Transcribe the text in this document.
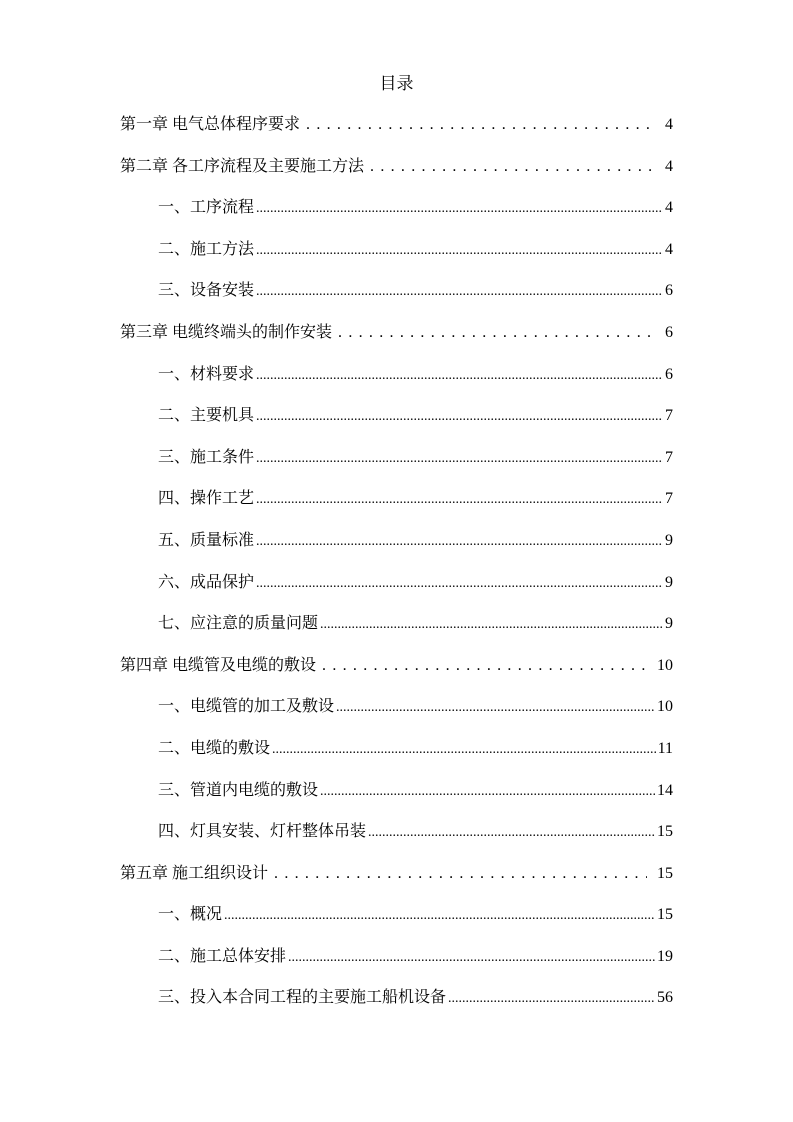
目录
第一章 电气总体程序要求 .....	4
第二章 各工序流程及主要施工方法 .....	4
一、工序流程 .....	4
二、施工方法 .....	4
三、设备安装 .....	6
第三章 电缆终端头的制作安装 .....	6
一、材料要求 .....	6
二、主要机具 .....	7
三、施工条件 .....	7
四、操作工艺 .....	7
五、质量标准 .....	9
六、成品保护 .....	9
七、应注意的质量问题 .....	9
第四章 电缆管及电缆的敷设 .....	10
一、电缆管的加工及敷设 .....	10
二、电缆的敷设 .....	11
三、管道内电缆的敷设 .....	14
四、灯具安装、灯杆整体吊装 .....	15
第五章 施工组织设计 .....	15
一、概况 .....	15
二、施工总体安排 .....	19
三、投入本合同工程的主要施工船机设备 .....	56
